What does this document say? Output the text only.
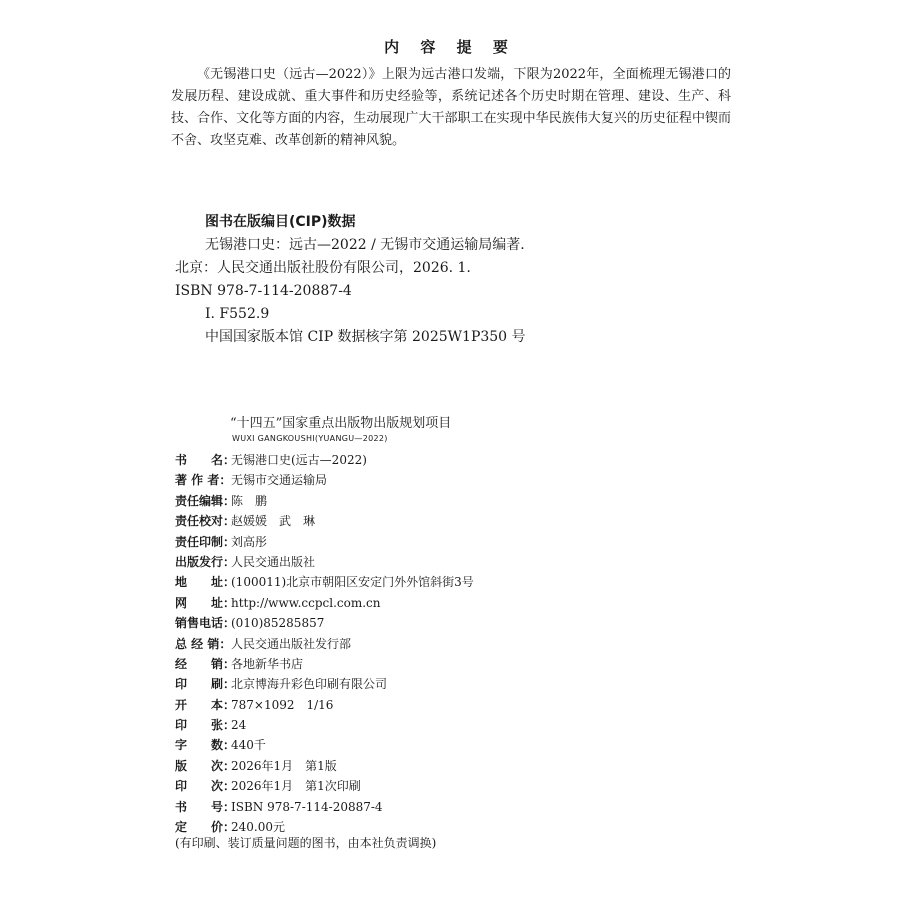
内 容 提 要

《无锡港口史（远古—2022）》上限为远古港口发端，下限为2022年，全面梳理无锡港口的发展历程、建设成就、重大事件和历史经验等，系统记述各个历史时期在管理、建设、生产、科技、合作、文化等方面的内容，生动展现广大干部职工在实现中华民族伟大复兴的历史征程中锲而不舍、攻坚克难、改革创新的精神风貌。

图书在版编目(CIP)数据
无锡港口史：远古—2022 / 无锡市交通运输局编著.
北京：人民交通出版社股份有限公司，2026. 1.
ISBN 978-7-114-20887-4
Ⅰ. F552.9
中国国家版本馆 CIP 数据核字第 2025W1P350 号
“十四五”国家重点出版物出版规划项目
WUXI GANGKOUSHI(YUANGU—2022)
书　　名：
无锡港口史(远古—2022)
著 作 者： 无锡市交通运输局
责任编辑：
陈　鹏
责任校对：
赵媛媛　武　琳
责任印制：
刘高彤
出版发行：
人民交通出版社
地　　址：
(100011)北京市朝阳区安定门外外馆斜街3号
网　　址：
http://www.ccpcl.com.cn
销售电话：
(010)85285857
总 经 销： 人民交通出版社发行部
经　　销：
各地新华书店
印　　刷：
北京博海升彩色印刷有限公司
开　　本：
787×1092　1/16
印　　张：
24
字　　数：
440千
版　　次：
2026年1月　第1版
印　　次：
2026年1月　第1次印刷
书　　号：
ISBN 978-7-114-20887-4
定　　价：
240.00元
(有印刷、装订质量问题的图书，由本社负责调换)
